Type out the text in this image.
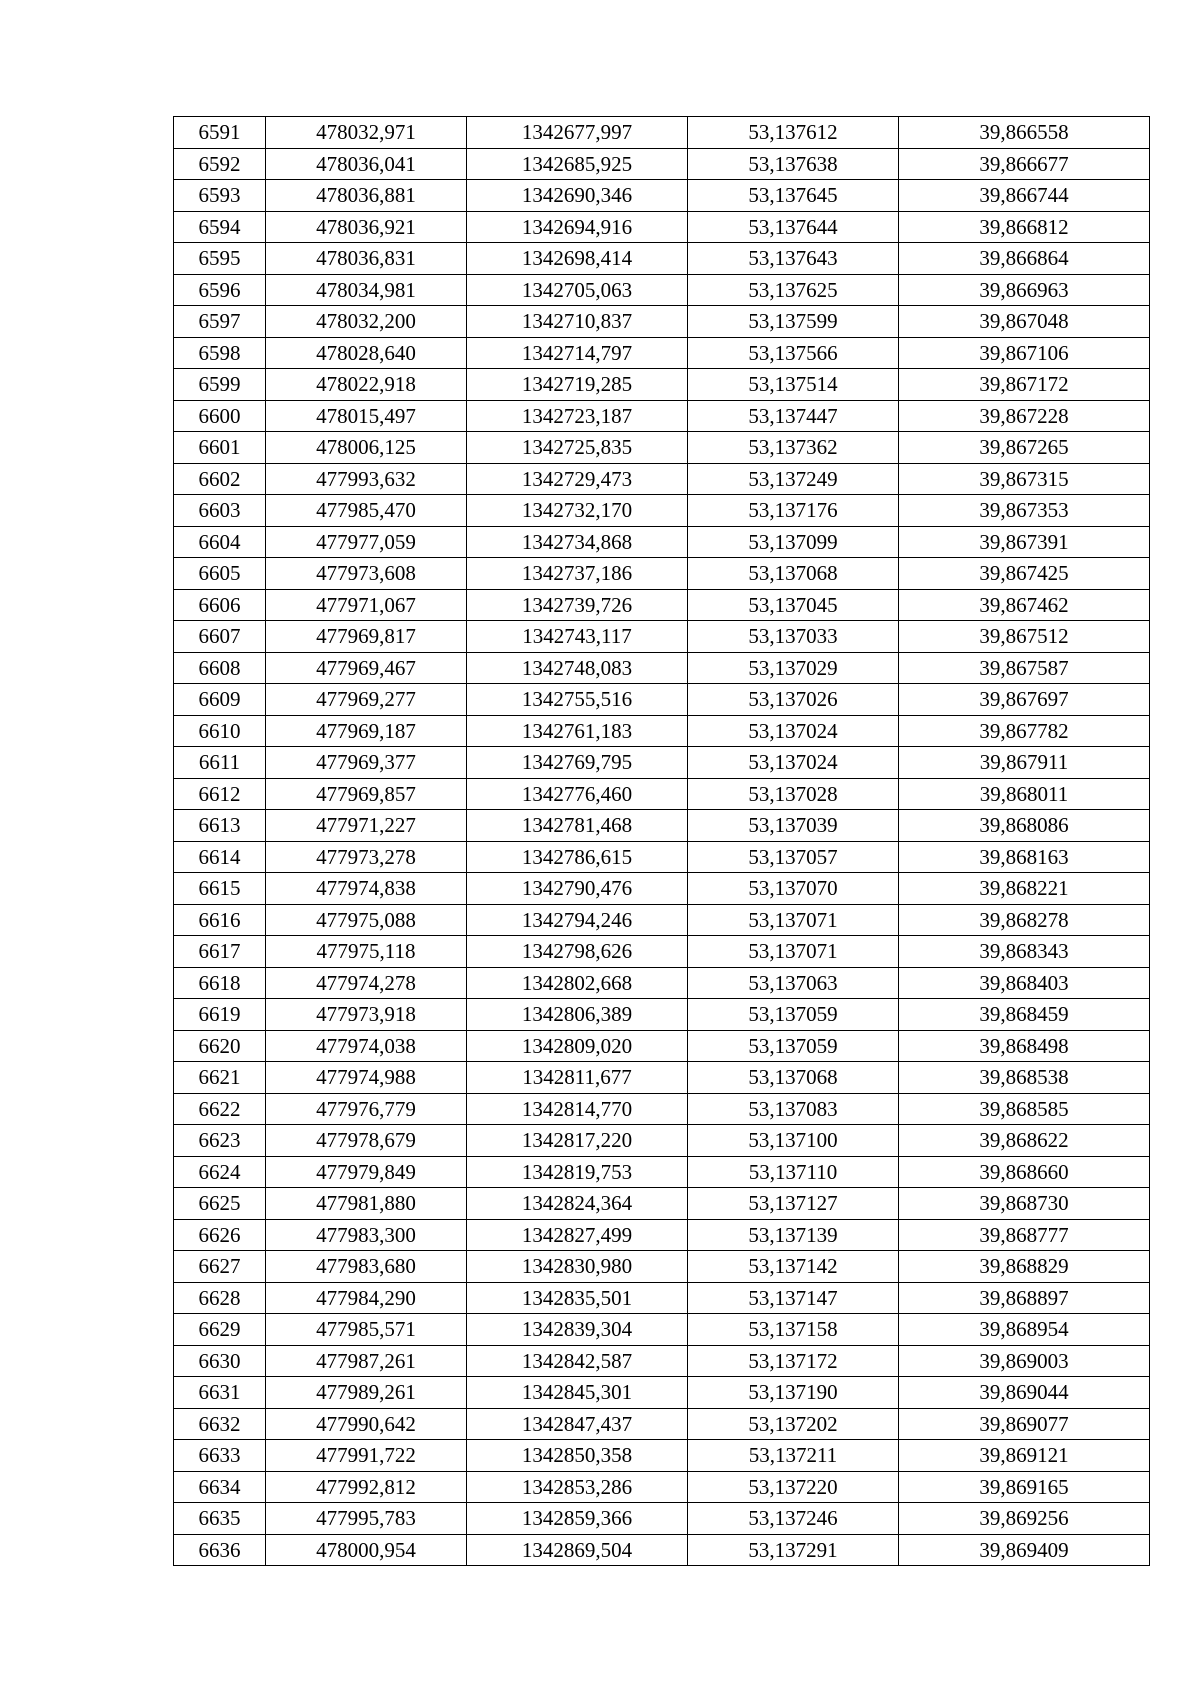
6591	478032,971	1342677,997	53,137612	39,866558
6592	478036,041	1342685,925	53,137638	39,866677
6593	478036,881	1342690,346	53,137645	39,866744
6594	478036,921	1342694,916	53,137644	39,866812
6595	478036,831	1342698,414	53,137643	39,866864
6596	478034,981	1342705,063	53,137625	39,866963
6597	478032,200	1342710,837	53,137599	39,867048
6598	478028,640	1342714,797	53,137566	39,867106
6599	478022,918	1342719,285	53,137514	39,867172
6600	478015,497	1342723,187	53,137447	39,867228
6601	478006,125	1342725,835	53,137362	39,867265
6602	477993,632	1342729,473	53,137249	39,867315
6603	477985,470	1342732,170	53,137176	39,867353
6604	477977,059	1342734,868	53,137099	39,867391
6605	477973,608	1342737,186	53,137068	39,867425
6606	477971,067	1342739,726	53,137045	39,867462
6607	477969,817	1342743,117	53,137033	39,867512
6608	477969,467	1342748,083	53,137029	39,867587
6609	477969,277	1342755,516	53,137026	39,867697
6610	477969,187	1342761,183	53,137024	39,867782
6611	477969,377	1342769,795	53,137024	39,867911
6612	477969,857	1342776,460	53,137028	39,868011
6613	477971,227	1342781,468	53,137039	39,868086
6614	477973,278	1342786,615	53,137057	39,868163
6615	477974,838	1342790,476	53,137070	39,868221
6616	477975,088	1342794,246	53,137071	39,868278
6617	477975,118	1342798,626	53,137071	39,868343
6618	477974,278	1342802,668	53,137063	39,868403
6619	477973,918	1342806,389	53,137059	39,868459
6620	477974,038	1342809,020	53,137059	39,868498
6621	477974,988	1342811,677	53,137068	39,868538
6622	477976,779	1342814,770	53,137083	39,868585
6623	477978,679	1342817,220	53,137100	39,868622
6624	477979,849	1342819,753	53,137110	39,868660
6625	477981,880	1342824,364	53,137127	39,868730
6626	477983,300	1342827,499	53,137139	39,868777
6627	477983,680	1342830,980	53,137142	39,868829
6628	477984,290	1342835,501	53,137147	39,868897
6629	477985,571	1342839,304	53,137158	39,868954
6630	477987,261	1342842,587	53,137172	39,869003
6631	477989,261	1342845,301	53,137190	39,869044
6632	477990,642	1342847,437	53,137202	39,869077
6633	477991,722	1342850,358	53,137211	39,869121
6634	477992,812	1342853,286	53,137220	39,869165
6635	477995,783	1342859,366	53,137246	39,869256
6636	478000,954	1342869,504	53,137291	39,869409
